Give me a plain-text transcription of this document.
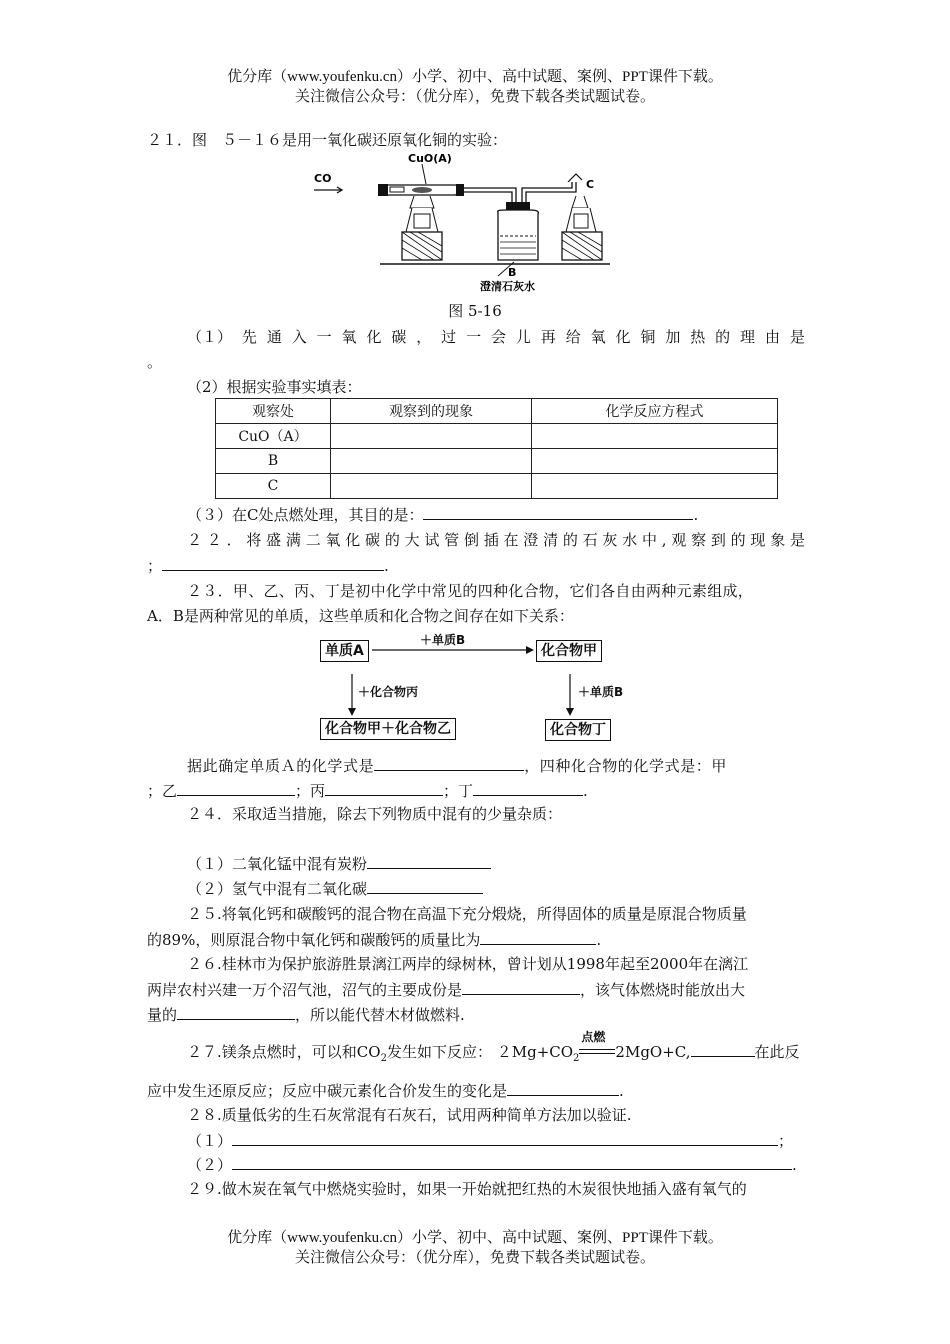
优分库（www.youfenku.cn）小学、初中、高中试题、案例、PPT课件下载。
关注微信公众号：（优分库），免费下载各类试题试卷。
２１．图　５－１６是用一氧化碳还原氧化铜的实验：
CO
CuO(A)
C
B
澄清石灰水
图 5-16
（１） 先 通 入 一 氧 化 碳 ， 过 一 会 儿 再 给 氧 化 铜 加 热 的 理 由 是
。
（2）根据实验事实填表：
观察处	观察到的现象	化学反应方程式
CuO（A）		
B		
C		
（３）在C处点燃处理，其目的是：	.
２ ２ ． 将 盛 满 二 氧 化 碳 的 大 试 管 倒 插 在 澄 清 的 石 灰 水 中 , 观 察 到 的 现 象 是
；	.
２３．甲、乙、丙、丁是初中化学中常见的四种化合物，它们各自由两种元素组成，
A．B是两种常见的单质，这些单质和化合物之间存在如下关系：
单质A	化合物甲
化合物甲＋化合物乙	化合物丁
＋单质B
＋化合物丙	＋单质B
据此确定单质Ａ的化学式是	，四种化合物的化学式是：甲
；乙	；丙	；丁	.
２４．采取适当措施，除去下列物质中混有的少量杂质：
（１）二氧化锰中混有炭粉
（２）氢气中混有二氧化碳
２５.将氧化钙和碳酸钙的混合物在高温下充分煅烧，所得固体的质量是原混合物质量
的89%，则原混合物中氧化钙和碳酸钙的质量比为	.
２６.桂林市为保护旅游胜景漓江两岸的绿树林，曾计划从1998年起至2000年在漓江
两岸农村兴建一万个沼气池，沼气的主要成份是	，该气体燃烧时能放出大
量的	，所以能代替木材做燃料.
２７.镁条点燃时，可以和$CO_2$发生如下反应： $2Mg+CO_2$
点燃
2MgO+C,	在此反
应中发生还原反应；反应中碳元素化合价发生的变化是	.
２８.质量低劣的生石灰常混有石灰石，试用两种简单方法加以验证.
（１）	；
（２）	.
２９.做木炭在氧气中燃烧实验时，如果一开始就把红热的木炭很快地插入盛有氧气的
优分库（www.youfenku.cn）小学、初中、高中试题、案例、PPT课件下载。
关注微信公众号：（优分库），免费下载各类试题试卷。
